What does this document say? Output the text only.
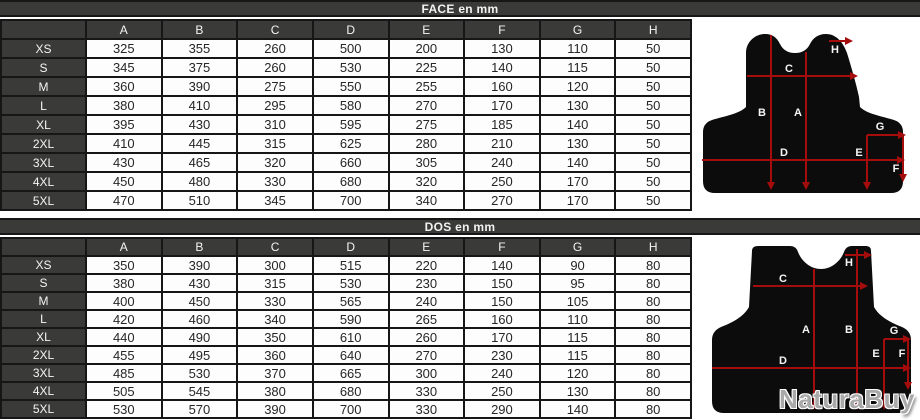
FACE en mm
DOS en mm
	A	B	C	D	E	F	G	H
XS	325	355	260	500	200	130	110	50
S	345	375	260	530	225	140	115	50
M	360	390	275	550	255	160	120	50
L	380	410	295	580	270	170	130	50
XL	395	430	310	595	275	185	140	50
2XL	410	445	315	625	280	210	130	50
3XL	430	465	320	660	305	240	140	50
4XL	450	480	330	680	320	250	170	50
5XL	470	510	345	700	340	270	170	50
	A	B	C	D	E	F	G	H
XS	350	390	300	515	220	140	90	80
S	380	430	315	530	230	150	95	80
M	400	450	330	565	240	150	105	80
L	420	460	340	590	265	160	110	80
XL	440	490	350	610	260	170	115	80
2XL	455	495	360	640	270	230	115	80
3XL	485	530	370	665	300	240	120	80
4XL	505	545	380	680	330	250	130	80
5XL	530	570	390	700	330	290	140	80
A
B
C
D	E
F
G
H
A	B
C
D
E F
G
H
NaturaBuy
